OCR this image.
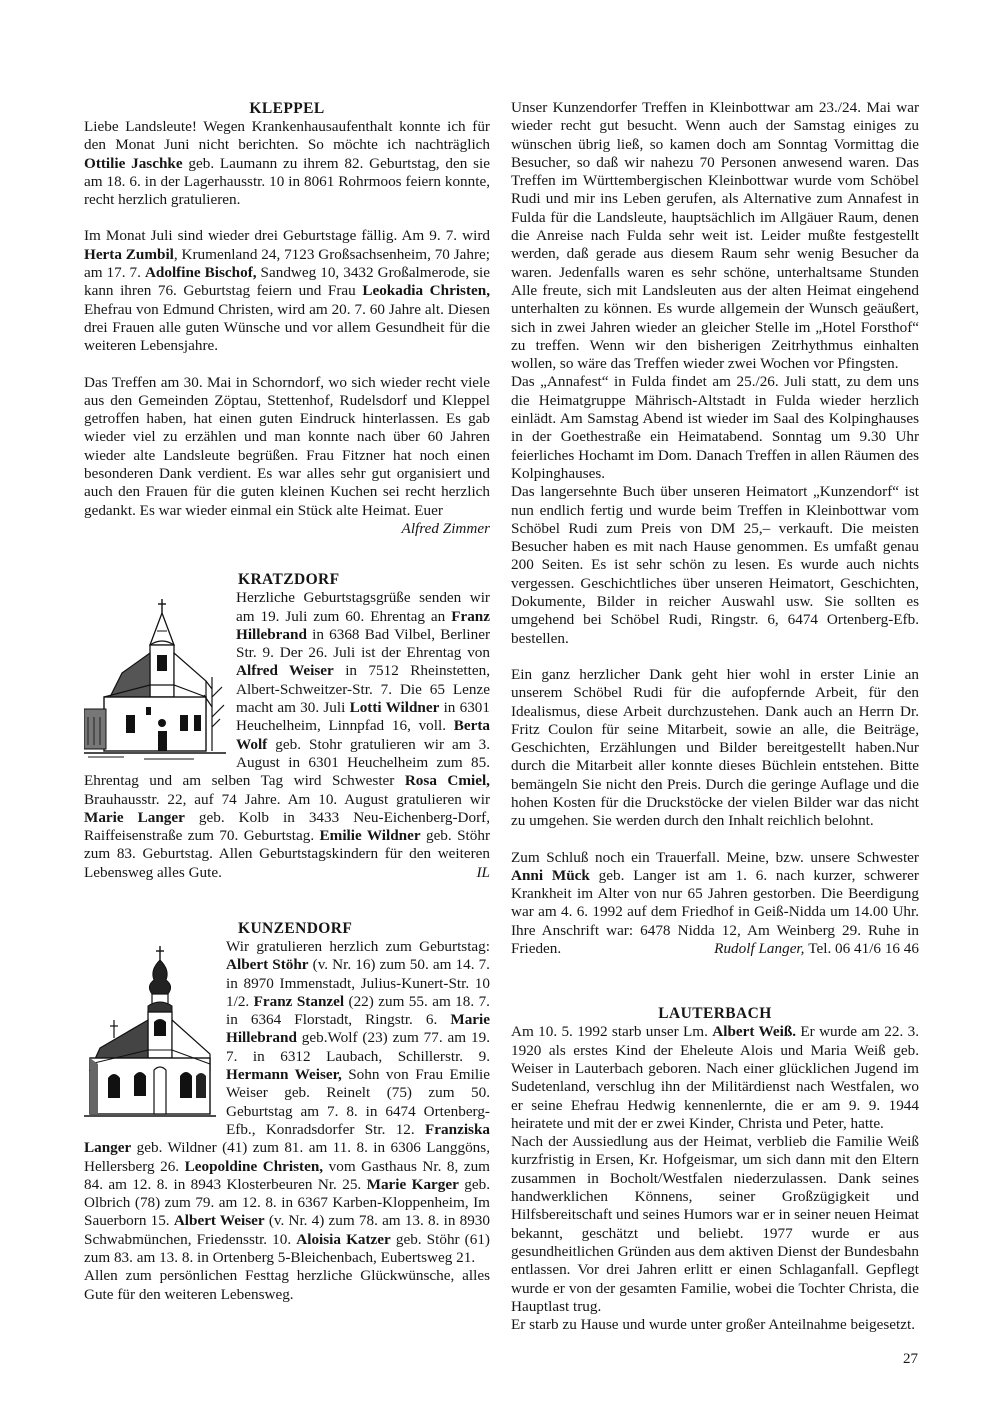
KLEPPEL

Liebe Landsleute! Wegen Krankenhausaufenthalt konnte ich für den Monat Juni nicht berichten. So möchte ich nachträglich Ottilie Jaschke geb. Laumann zu ihrem 82. Geburtstag, den sie am 18. 6. in der Lagerhausstr. 10 in 8061 Rohrmoos feiern konnte, recht herzlich gratulieren.

Im Monat Juli sind wieder drei Geburtstage fällig. Am 9. 7. wird Herta Zumbil, Krumenland 24, 7123 Großsachsenheim, 70 Jahre; am 17. 7. Adolfine Bischof, Sandweg 10, 3432 Großalmerode, sie kann ihren 76. Geburtstag feiern und Frau Leokadia Christen, Ehefrau von Edmund Christen, wird am 20. 7. 60 Jahre alt. Diesen drei Frauen alle guten Wünsche und vor allem Gesundheit für die weiteren Lebensjahre.

Das Treffen am 30. Mai in Schorndorf, wo sich wieder recht viele aus den Gemeinden Zöptau, Stettenhof, Rudelsdorf und Kleppel getroffen haben, hat einen guten Eindruck hinterlassen. Es gab wieder viel zu erzählen und man konnte nach über 60 Jahren wieder alte Landsleute begrüßen. Frau Fitzner hat noch einen besonderen Dank verdient. Es war alles sehr gut organisiert und auch den Frauen für die guten kleinen Kuchen sei recht herzlich gedankt. Es war wieder einmal ein Stück alte Heimat. Euer

Alfred Zimmer

KRATZDORF

Herzliche Geburtstagsgrüße senden wir am 19. Juli zum 60. Ehrentag an Franz Hillebrand in 6368 Bad Vilbel, Berliner Str. 9. Der 26. Juli ist der Ehrentag von Alfred Weiser in 7512 Rheinstetten, Albert-Schweitzer-Str. 7. Die 65 Lenze macht am 30. Juli Lotti Wildner in 6301 Heuchelheim, Linnpfad 16, voll. Berta Wolf geb. Stohr gratulieren wir am 3. August in 6301 Heuchelheim zum 85. Ehrentag und am selben Tag wird Schwester Rosa Cmiel, Brauhausstr. 22, auf 74 Jahre. Am 10. August gratulieren wir Marie Langer geb. Kolb in 3433 Neu-Eichenberg-Dorf, Raiffeisenstraße zum 70. Geburtstag. Emilie Wildner geb. Stöhr zum 83. Geburtstag. Allen Geburtstagskindern für den weiteren Lebensweg alles Gute.	IL

KUNZENDORF

Wir gratulieren herzlich zum Geburtstag: Albert Stöhr (v. Nr. 16) zum 50. am 14. 7. in 8970 Immenstadt, Julius-Kunert-Str. 10 1/2. Franz Stanzel (22) zum 55. am 18. 7. in 6364 Florstadt, Ringstr. 6. Marie Hillebrand geb.Wolf (23) zum 77. am 19. 7. in 6312 Laubach, Schillerstr. 9. Hermann Weiser, Sohn von Frau Emilie Weiser geb. Reinelt (75) zum 50. Geburtstag am 7. 8. in 6474 Ortenberg-Efb., Konradsdorfer Str. 12. Franziska Langer geb. Wildner (41) zum 81. am 11. 8. in 6306 Langgöns, Hellersberg 26. Leopoldine Christen, vom Gasthaus Nr. 8, zum 84. am 12. 8. in 8943 Klosterbeuren Nr. 25. Marie Karger geb. Olbrich (78) zum 79. am 12. 8. in 6367 Karben-Kloppenheim, Im Sauerborn 15. Albert Weiser (v. Nr. 4) zum 78. am 13. 8. in 8930 Schwabmünchen, Friedensstr. 10. Aloisia Katzer geb. Stöhr (61) zum 83. am 13. 8. in Ortenberg 5-Bleichenbach, Eubertsweg 21.

Allen zum persönlichen Festtag herzliche Glückwünsche, alles Gute für den weiteren Lebensweg.

Unser Kunzendorfer Treffen in Kleinbottwar am 23./24. Mai war wieder recht gut besucht. Wenn auch der Samstag einiges zu wünschen übrig ließ, so kamen doch am Sonntag Vormittag die Besucher, so daß wir nahezu 70 Personen anwesend waren. Das Treffen im Württembergischen Kleinbottwar wurde vom Schöbel Rudi und mir ins Leben gerufen, als Alternative zum Annafest in Fulda für die Landsleute, hauptsächlich im Allgäuer Raum, denen die Anreise nach Fulda sehr weit ist. Leider mußte festgestellt werden, daß gerade aus diesem Raum sehr wenig Besucher da waren. Jedenfalls waren es sehr schöne, unterhaltsame Stunden Alle freute, sich mit Landsleuten aus der alten Heimat eingehend unterhalten zu können. Es wurde allgemein der Wunsch geäußert, sich in zwei Jahren wieder an gleicher Stelle im „Hotel Forsthof“ zu treffen. Wenn wir den bisherigen Zeitrhythmus einhalten wollen, so wäre das Treffen wieder zwei Wochen vor Pfingsten.

Das „Annafest“ in Fulda findet am 25./26. Juli statt, zu dem uns die Heimatgruppe Mährisch-Altstadt in Fulda wieder herzlich einlädt. Am Samstag Abend ist wieder im Saal des Kolpinghauses in der Goethestraße ein Heimatabend. Sonntag um 9.30 Uhr feierliches Hochamt im Dom. Danach Treffen in allen Räumen des Kolpinghauses.

Das langersehnte Buch über unseren Heimatort „Kunzendorf“ ist nun endlich fertig und wurde beim Treffen in Kleinbottwar vom Schöbel Rudi zum Preis von DM 25,– verkauft. Die meisten Besucher haben es mit nach Hause genommen. Es umfaßt genau 200 Seiten. Es ist sehr schön zu lesen. Es wurde auch nichts vergessen. Geschichtliches über unseren Heimatort, Geschichten, Dokumente, Bilder in reicher Auswahl usw. Sie sollten es umgehend bei Schöbel Rudi, Ringstr. 6, 6474 Ortenberg-Efb. bestellen.

Ein ganz herzlicher Dank geht hier wohl in erster Linie an unserem Schöbel Rudi für die aufopfernde Arbeit, für den Idealismus, diese Arbeit durchzustehen. Dank auch an Herrn Dr. Fritz Coulon für seine Mitarbeit, sowie an alle, die Beiträge, Geschichten, Erzählungen und Bilder bereitgestellt haben.Nur durch die Mitarbeit aller konnte dieses Büchlein entstehen. Bitte bemängeln Sie nicht den Preis. Durch die geringe Auflage und die hohen Kosten für die Druckstöcke der vielen Bilder war das nicht zu umgehen. Sie werden durch den Inhalt reichlich belohnt.

Zum Schluß noch ein Trauerfall. Meine, bzw. unsere Schwester Anni Mück geb. Langer ist am 1. 6. nach kurzer, schwerer Krankheit im Alter von nur 65 Jahren gestorben. Die Beerdigung war am 4. 6. 1992 auf dem Friedhof in Geiß-Nidda um 14.00 Uhr. Ihre Anschrift war: 6478 Nidda 12, Am Weinberg 29. Ruhe in Frieden.	Rudolf Langer, Tel. 06 41/6 16 46

LAUTERBACH

Am 10. 5. 1992 starb unser Lm. Albert Weiß. Er wurde am 22. 3. 1920 als erstes Kind der Eheleute Alois und Maria Weiß geb. Weiser in Lauterbach geboren. Nach einer glücklichen Jugend im Sudetenland, verschlug ihn der Militärdienst nach Westfalen, wo er seine Ehefrau Hedwig kennenlernte, die er am 9. 9. 1944 heiratete und mit der er zwei Kinder, Christa und Peter, hatte.

Nach der Aussiedlung aus der Heimat, verblieb die Familie Weiß kurzfristig in Ersen, Kr. Hofgeismar, um sich dann mit den Eltern zusammen in Bocholt/Westfalen niederzulassen. Dank seines handwerklichen Könnens, seiner Großzügigkeit und Hilfsbereitschaft und seines Humors war er in seiner neuen Heimat bekannt, geschätzt und beliebt. 1977 wurde er aus gesundheitlichen Gründen aus dem aktiven Dienst der Bundesbahn entlassen. Vor drei Jahren erlitt er einen Schlaganfall. Gepflegt wurde er von der gesamten Familie, wobei die Tochter Christa, die Hauptlast trug.

Er starb zu Hause und wurde unter großer Anteilnahme beigesetzt.

27
